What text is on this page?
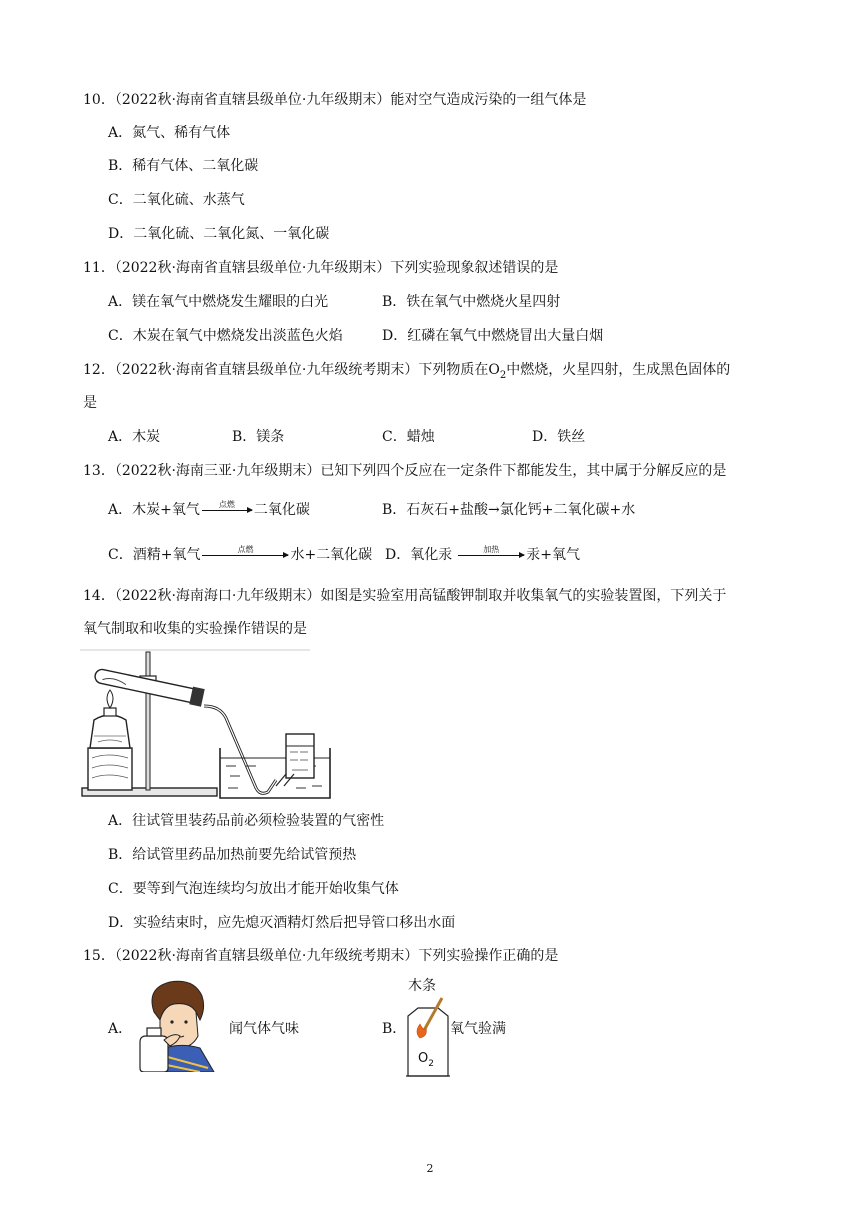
10．（2022秋·海南省直辖县级单位·九年级期末）能对空气造成污染的一组气体是
A．氮气、稀有气体
B．稀有气体、二氧化碳
C．二氧化硫、水蒸气
D．二氧化硫、二氧化氮、一氧化碳
11．（2022秋·海南省直辖县级单位·九年级期末）下列实验现象叙述错误的是
A．镁在氧气中燃烧发生耀眼的白光	B．铁在氧气中燃烧火星四射
C．木炭在氧气中燃烧发出淡蓝色火焰	D．红磷在氧气中燃烧冒出大量白烟
12．（2022秋·海南省直辖县级单位·九年级统考期末）下列物质在$O_2$中燃烧，火星四射，生成黑色固体的
是
A．木炭	B．镁条	C．蜡烛	D．铁丝
13．（2022秋·海南三亚·九年级期末）已知下列四个反应在一定条件下都能发生，其中属于分解反应的是
A．木炭+氧气	点燃	二氧化碳	B．石灰石+盐酸→氯化钙+二氧化碳+水
C．酒精+氧气	点燃	水+二氧化碳 D．氧化汞	加热	汞+氧气
14．（2022秋·海南海口·九年级期末）如图是实验室用高锰酸钾制取并收集氧气的实验装置图，下列关于
氧气制取和收集的实验操作错误的是
A．往试管里装药品前必须检验装置的气密性
B．给试管里药品加热前要先给试管预热
C．要等到气泡连续均匀放出才能开始收集气体
D．实验结束时，应先熄灭酒精灯然后把导管口移出水面
15．（2022秋·海南省直辖县级单位·九年级统考期末）下列实验操作正确的是
A．	闻气体气味	B．
木条
$O_2$
氧气验满
2
